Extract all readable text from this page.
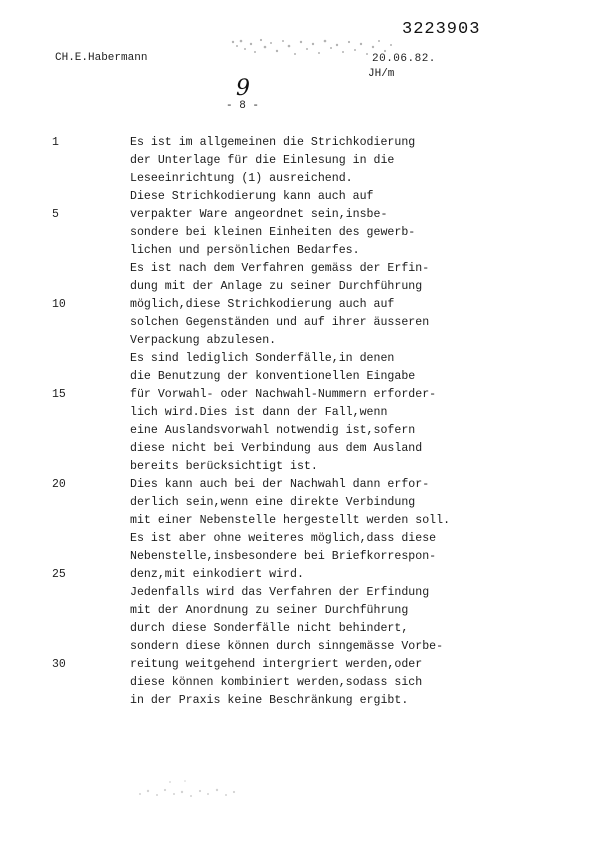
3223903
CH.E.Habermann	20.06.82.
JH/m
9
- 8 -
Es ist im allgemeinen die Strichkodierung
der Unterlage für die Einlesung in die
Leseeinrichtung (1) ausreichend.
Diese Strichkodierung kann auch auf
verpakter Ware angeordnet sein,insbe-
sondere bei kleinen Einheiten des gewerb-
lichen und persönlichen Bedarfes.
Es ist nach dem Verfahren gemäss der Erfin-
dung mit der Anlage zu seiner Durchführung
möglich,diese Strichkodierung auch auf
solchen Gegenständen und auf ihrer äusseren
Verpackung abzulesen.
Es sind lediglich Sonderfälle,in denen
die Benutzung der konventionellen Eingabe
für Vorwahl- oder Nachwahl-Nummern erforder-
lich wird.Dies ist dann der Fall,wenn
eine Auslandsvorwahl notwendig ist,sofern
diese nicht bei Verbindung aus dem Ausland
bereits berücksichtigt ist.
Dies kann auch bei der Nachwahl dann erfor-
derlich sein,wenn eine direkte Verbindung
mit einer Nebenstelle hergestellt werden soll.
Es ist aber ohne weiteres möglich,dass diese
Nebenstelle,insbesondere bei Briefkorrespon-
denz,mit einkodiert wird.
Jedenfalls wird das Verfahren der Erfindung
mit der Anordnung zu seiner Durchführung
durch diese Sonderfälle nicht behindert,
sondern diese können durch sinngemässe Vorbe-
reitung weitgehend intergriert werden,oder
diese können kombiniert werden,sodass sich
in der Praxis keine Beschränkung ergibt.
1
5
10
15
20
25
30
